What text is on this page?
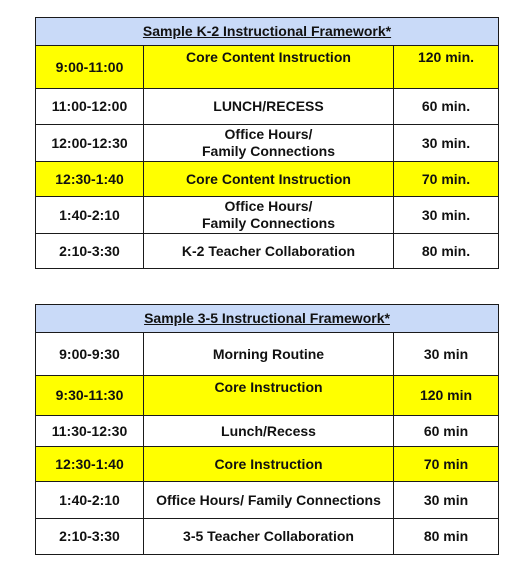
Sample K-2 Instructional Framework*		
9:00-11:00	Core Content Instruction	120 min.
11:00-12:00	LUNCH/RECESS	60 min.
12:00-12:30	Office Hours/
Family Connections	30 min.
12:30-1:40	Core Content Instruction	70 min.
1:40-2:10	Office Hours/
Family Connections	30 min.
2:10-3:30	K-2 Teacher Collaboration	80 min.
Sample 3-5 Instructional Framework*		
9:00-9:30	Morning Routine	30 min
9:30-11:30	Core Instruction	120 min
11:30-12:30	Lunch/Recess	60 min
12:30-1:40	Core Instruction	70 min
1:40-2:10	Office Hours/ Family Connections	30 min
2:10-3:30	3-5 Teacher Collaboration	80 min
